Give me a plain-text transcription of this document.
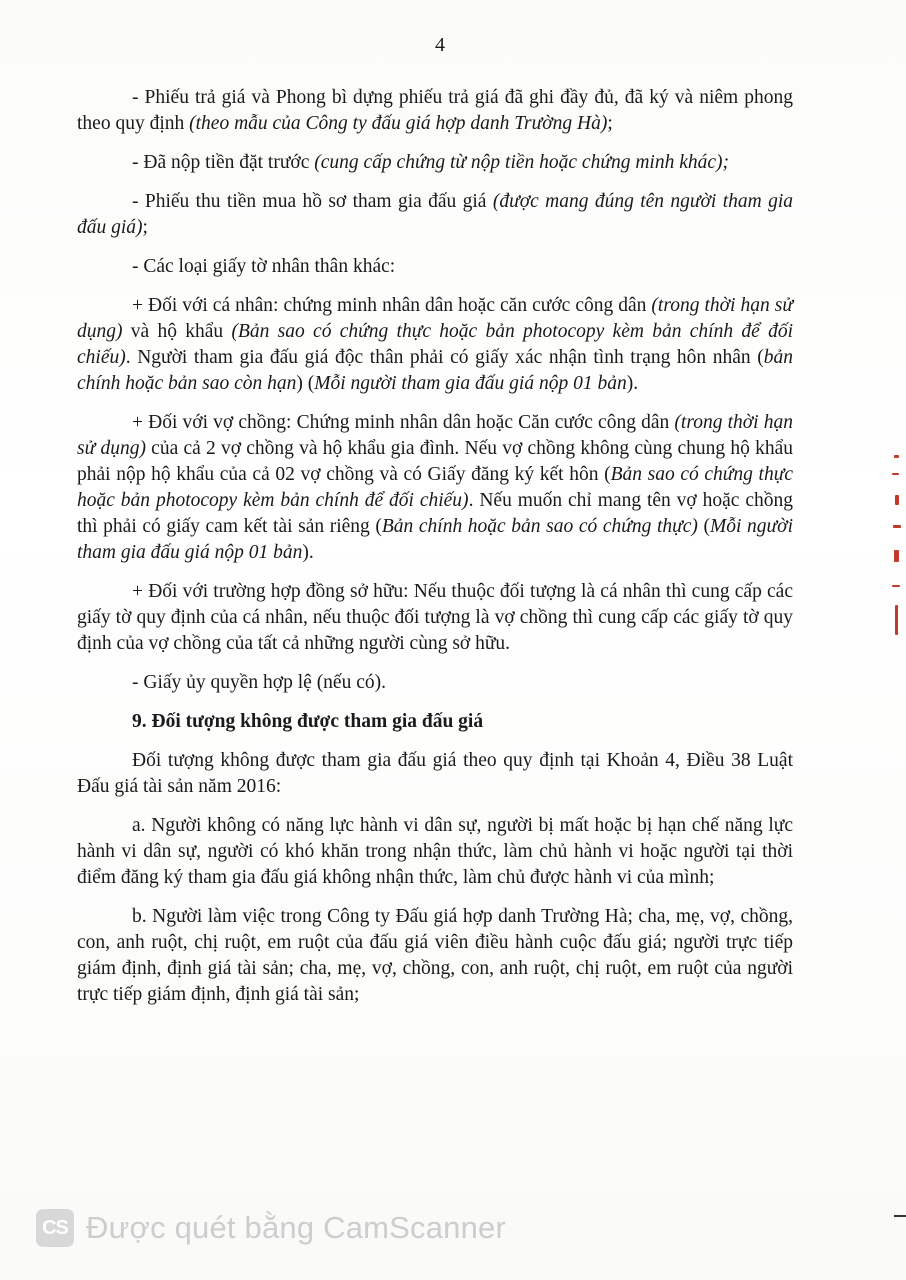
4

- Phiếu trả giá và Phong bì dựng phiếu trả giá đã ghi đầy đủ, đã ký và niêm phong theo quy định (theo mẫu của Công ty đấu giá hợp danh Trường Hà);

- Đã nộp tiền đặt trước (cung cấp chứng từ nộp tiền hoặc chứng minh khác);

- Phiếu thu tiền mua hồ sơ tham gia đấu giá (được mang đúng tên người tham gia đấu giá);

- Các loại giấy tờ nhân thân khác:

+ Đối với cá nhân: chứng minh nhân dân hoặc căn cước công dân (trong thời hạn sử dụng) và hộ khẩu (Bản sao có chứng thực hoặc bản photocopy kèm bản chính để đối chiếu). Người tham gia đấu giá độc thân phải có giấy xác nhận tình trạng hôn nhân (bản chính hoặc bản sao còn hạn) (Mỗi người tham gia đấu giá nộp 01 bản).

+ Đối với vợ chồng: Chứng minh nhân dân hoặc Căn cước công dân (trong thời hạn sử dụng) của cả 2 vợ chồng và hộ khẩu gia đình. Nếu vợ chồng không cùng chung hộ khẩu phải nộp hộ khẩu của cả 02 vợ chồng và có Giấy đăng ký kết hôn (Bản sao có chứng thực hoặc bản photocopy kèm bản chính để đối chiếu). Nếu muốn chỉ mang tên vợ hoặc chồng thì phải có giấy cam kết tài sản riêng (Bản chính hoặc bản sao có chứng thực) (Mỗi người tham gia đấu giá nộp 01 bản).

+ Đối với trường hợp đồng sở hữu: Nếu thuộc đối tượng là cá nhân thì cung cấp các giấy tờ quy định của cá nhân, nếu thuộc đối tượng là vợ chồng thì cung cấp các giấy tờ quy định của vợ chồng của tất cả những người cùng sở hữu.

- Giấy ủy quyền hợp lệ (nếu có).

9. Đối tượng không được tham gia đấu giá

Đối tượng không được tham gia đấu giá theo quy định tại Khoản 4, Điều 38 Luật Đấu giá tài sản năm 2016:

a. Người không có năng lực hành vi dân sự, người bị mất hoặc bị hạn chế năng lực hành vi dân sự, người có khó khăn trong nhận thức, làm chủ hành vi hoặc người tại thời điểm đăng ký tham gia đấu giá không nhận thức, làm chủ được hành vi của mình;

b. Người làm việc trong Công ty Đấu giá hợp danh Trường Hà; cha, mẹ, vợ, chồng, con, anh ruột, chị ruột, em ruột của đấu giá viên điều hành cuộc đấu giá; người trực tiếp giám định, định giá tài sản; cha, mẹ, vợ, chồng, con, anh ruột, chị ruột, em ruột của người trực tiếp giám định, định giá tài sản;

CS Được quét bằng CamScanner
